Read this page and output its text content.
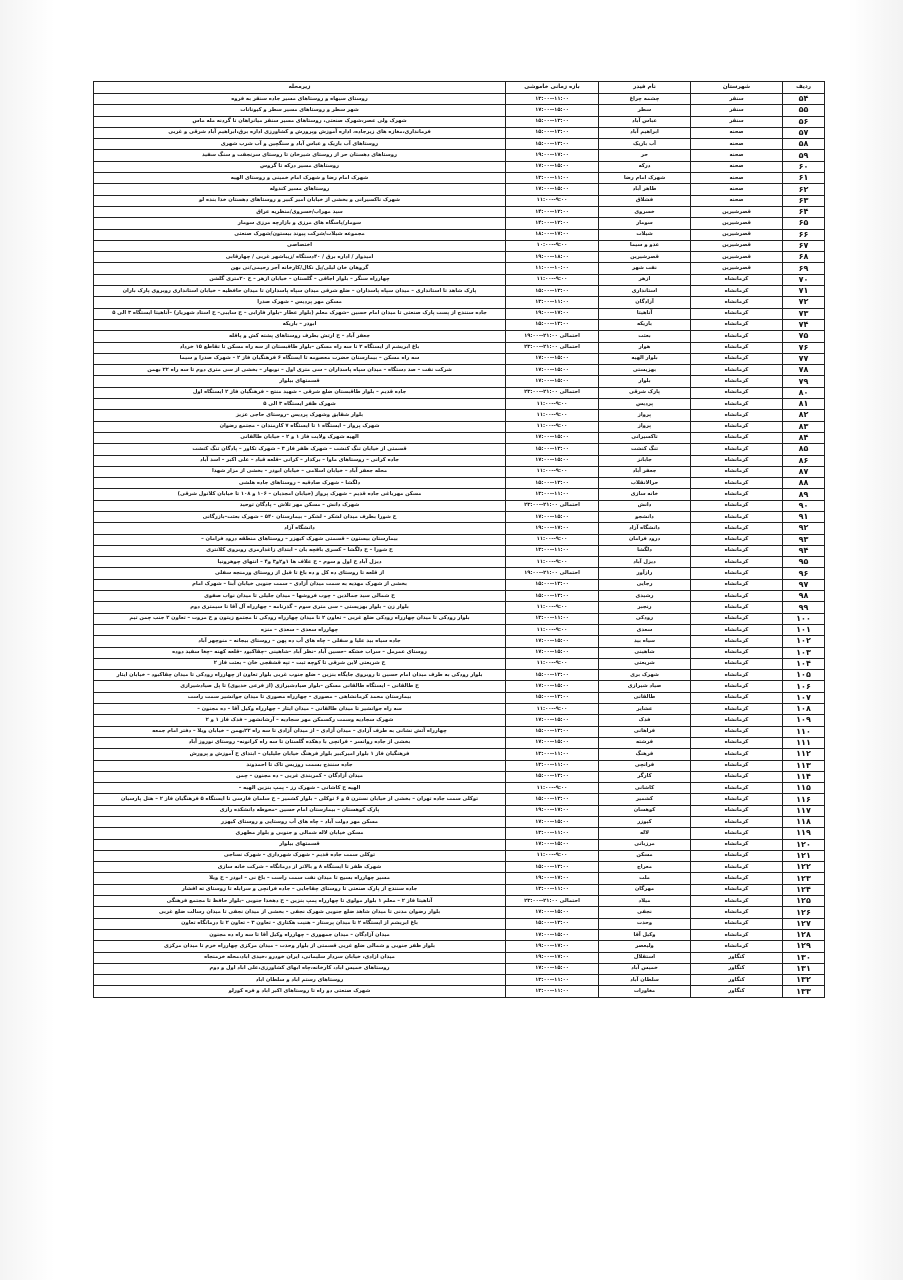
ردیف	شهرستان	نام فیدر	بازه زمانی خاموشی	زیرمحله
۵۴	سنقر	چشمه چراغ	۱۱:۰۰--۱۳:۰۰	روستای سیهاه و روستاهای مسیر جاده سنقر به فروه
۵۵	سنقر	سطر	۱۵:۰۰--۱۷:۰۰	شهر سطر و روستاهای مسیر سطر و کیونانات
۵۶	سنقر	عباس آباد	۱۳:۰۰--۱۵:۰۰	شهرک ولی عصر،شهرک صنعتی، روستاهای مسیر سنقر میانراهان تا گردنه مله ماس
۵۷	صحنه	ابراهیم آباد	۱۳:۰۰--۱۵:۰۰	فرمانداری،مغازه های زیرجاده، اداره آموزش وپرورش و کشاورزی اداره برق،ابراهیم آباد شرقی و غربی
۵۸	صحنه	آب باریک	۱۳:۰۰--۱۵:۰۰	روستاهای آب باریک و عباس آباد و سنگچین و آب شرب شهری
۵۹	صحنه	حر	۱۷:۰۰--۱۹:۰۰	روستاهای دهستان حر از روستای شیرخان تا روستای سرنجفت و سنگ سفید
۶۰	صحنه	درکه	۱۵:۰۰--۱۷:۰۰	روستاهای مسیر درکه تا گروس
۶۱	صحنه	شهرک امام رضا	۱۱:۰۰--۱۳:۰۰	شهرک امام رضا و شهرک امام خمینی و روستای الهیه
۶۲	صحنه	طاهر آباد	۱۵:۰۰--۱۷:۰۰	روستاهای مسیر کندوله
۶۳	صحنه	فشلاق	۹:۰۰--۱۱:۰۰	شهرک ناکسیرانی و بخشی از خیابان امیر کبیر و روستاهای دهستان خدا بنده لو
۶۴	قصرشیرین	خسروی	۱۲:۰۰--۱۴:۰۰	سید مهراب/خسروی/منظریه عراق
۶۵	قصرشیرین	سومار	۱۲:۰۰--۱۴:۰۰	سومار/پاسگاه های مرزی و بازارچه مرزی سومار
۶۶	قصرشیرین	شیلات	۱۷:۰۰--۱۸:۰۰	مجموعه شیلات/شرکت پیوند بیستون/شهرک صنعتی
۶۷	قصرشیرین	عدو و سیما	۹:۰۰--۱۰:۰۰	اختصاصی
۶۸	قصرشیرین	قصرشیرین	۱۸:۰۰--۱۹:۰۰	امیدوار / اداره برق / ۴۰دستگاه /زیباشهر غربی / چهارقابی
۶۹	قصرشیرین	نفت شهر	۱۰:۰۰--۱۱:۰۰	گروهان خان لیلی/پل نکال/کارخانه آجر رحیمی/نی بهن
۷۰	کرمانشاه	ازهر	۹:۰۰--۱۱:۰۰	چهارراه سنگر – بلوار اجاقی – گلستان – خیابان ازهر – خ ۲۰متری گلشن
۷۱	کرمانشاه	استانداری	۱۳:۰۰--۱۵:۰۰	پارک شاهد تا استانداری – میدان سپاه پاسداران – ضلع شرقی میدان سپاه پاسداران تا میدان حافظیه – خیابان استانداری روبروی پارک باران
۷۲	کرمانشاه	آزادگان	۱۱:۰۰--۱۳:۰۰	مسکن مهر پردیس – شهرک صدرا
۷۳	کرمانشاه	آناهیتا	۱۷:۰۰--۱۹:۰۰	جاده سنندج از پست پارک صنعتی تا میدان امام حسین –شهرک معلم (بلوار عطار –بلوار فارابی – خ سایبی– خ استاد شهریار) –آناهیتا ایستگاه ۳ الی ۵
۷۴	کرمانشاه	باریکه	۱۳:۰۰--۱۵:۰۰	ابوذر – باریکه
۷۵	کرمانشاه	بعثت	احتمالی ۲۱:۰۰--۱۹:۰۰	جعفر آباد – خ ارتش بطرف روستاهای پشته کش و پاقله
۷۶	کرمانشاه	هوار	احتمالی ۲۱:۰۰--۲۳:۰۰	باغ ابریشم از ایستگاه ۲ تا سه راه مسکن –بلوار طاقبستان از سه راه مسکن تا تقاطع ۱۵ خرداد
۷۷	کرمانشاه	بلوار الهیه	۱۵:۰۰--۱۷:۰۰	سه راه مسکن – بیمارستان حضرت معصومه تا ایستگاه ۶ فرهنگیان فاز ۲ – شهرک صدرا و سیما
۷۸	کرمانشاه	بهزیستی	۱۵:۰۰--۱۷:۰۰	شرکت نفت – صد دستگاه – میدان سپاه پاسداران – سی متری اول – نوبهار – بخشی از سی متری دوم تا سه راه ۲۲ بهمن
۷۹	کرمانشاه	بلوار	۱۵:۰۰--۱۷:۰۰	قسمتهای بیلوار
۸۰	کرمانشاه	پارک شرقی	احتمالی ۲۱:۰۰--۲۳:۰۰	جاده قدیم – بلوار طاقبستان ضلع شرقی – شهید منتج – فرهنگیان فاز ۲ ایستگاه اول
۸۱	کرمانشاه	پردیس	۹:۰۰--۱۱:۰۰	شهرک ظفر ایستگاه ۳ الی ۵
۸۲	کرمانشاه	پرواز	۹:۰۰--۱۱:۰۰	بلوار شقایق وشهرک پردیس –روستای حاجی عزیز
۸۳	کرمانشاه	پرواز	۹:۰۰--۱۱:۰۰	شهرک پرواز – ایستگاه ۱ تا ایستگاه ۷ کارمندان – مجتمع رضوان
۸۴	کرمانشاه	تاکسیرانی	۱۵:۰۰--۱۷:۰۰	الهیه شهرک ولایت فاز ۱ و ۲ – خیابان طالقانی
۸۵	کرمانشاه	تنگ کنشت	۱۳:۰۰--۱۵:۰۰	قسمتی از خیابان تنگ کنشت – شهرک ظفر فاز ۳ – شهرک تکاور – پادگان تنگ کنشت
۸۶	کرمانشاه	جابانز	۱۵:۰۰--۱۷:۰۰	جاده کرانی – روستاهای ماوا – برکدار – کرانی –قلعه قباد – علی اکبر – اسد آباد
۸۷	کرمانشاه	جعفر آباد	۹:۰۰--۱۱:۰۰	محله جعفر آباد – خیابان اسلامی – خیابان ابوذر – بخشی از مزار شهدا
۸۸	کرمانشاه	حرالانقلاب	۱۳:۰۰--۱۵:۰۰	دلگشا – شهرک صادقیه – روستاهای جاده هلشی
۸۹	کرمانشاه	خانه سازی	۱۱:۰۰--۱۳:۰۰	مسکن مهرباغی جاده قدیم – شهرک پرواز (خیابان امجدیان – ۱۰۶ و ۱۰۸ تا خیابان کلانول شرقی)
۹۰	کرمانشاه	دانش	احتمالی ۲۱:۰۰--۲۳:۰۰	شهرک دانش – مسکن مهر تلاش – پادگان توحید
۹۱	کرمانشاه	دانشجو	۱۵:۰۰--۱۷:۰۰	خ شورا بطرف میدان لشکر – لشکر – بیمارستان ۵۴۰ – شهرک بعثت–بازرگانی
۹۲	کرمانشاه	دانشگاه آزاد	۱۷:۰۰--۱۹:۰۰	دانشگاه آزاد
۹۳	کرمانشاه	درود فرامان	۹:۰۰--۱۱:۰۰	بیمارستان بیستون – قسمتی شهرک کیهزر – روستاهای منطقه درود فرامان –
۹۴	کرمانشاه	دلگشا	۱۱:۰۰--۱۳:۰۰	خ شورا – خ دلگشا – کسری بافچه بان – ابتدای زاغدارمری روبروی کلانتری
۹۵	کرمانشاه	دیزل آباد	۹:۰۰--۱۱:۰۰	دیزل آباد خ اول و سوم – خ علاف ها ۱و۲و۳ و۴ – انتهای چوهرونیا
۹۶	کرمانشاه	رازآور	احتمالی ۲۱:۰۰--۱۹:۰۰	از قلعه تا روستای ده کل و ده باغ تا قبل از روستای ورمنجه سفلی
۹۷	کرمانشاه	رجایی	۱۳:۰۰--۱۵:۰۰	بخشی از شهرک مهدیه به سمت میدان آزادی – سمت جنوبی خیابان آبنا – شهرک امام
۹۸	کرمانشاه	رشیدی	۱۳:۰۰--۱۵:۰۰	خ شمالی سید جمالدین – چوب فروشها – میدان جلیلی تا میدان نواب صفوی
۹۹	کرمانشاه	رنجبر	۹:۰۰--۱۱:۰۰	بلوار زن – بلوار بهزیستی – سی متری سوم – گذرنامه – چهارراه آل آقا تا سیمتری دوم
۱۰۰	کرمانشاه	رودکی	۱۱:۰۰--۱۳:۰۰	بلوار رودکی تا میدان چهارراه رودکی ضلع غربی – تعاون ۲ تا میدان چهارراه رودکی تا مجتمع زیتون و خ مروت – تعاون ۲ جنب چمن تیم
۱۰۱	کرمانشاه	سعدی	۹:۰۰--۱۱:۰۰	چهارراه سعدی – سعدی – منزه
۱۰۲	کرمانشاه	سیاه بید	۱۵:۰۰--۱۷:۰۰	جاده سیاه بید علیا و سفلی – چاه های آب ده پهن – روستای بیجانه – منوچهر آباد
۱۰۳	کرمانشاه	شاهینی	۱۵:۰۰--۱۷:۰۰	روستای عمرمل – سراب خشکه –حسین آباد –نظر آباد –شاهینی –چقاکبود –قلعه کهنه –چغا سفید دوده
۱۰۴	کرمانشاه	شریعتی	۹:۰۰--۱۱:۰۰	خ شریعتی لاین شرقی تا کوچه ثبت – تپه قشقجی خان – بعثت فاز ۲
۱۰۵	کرمانشاه	شهرک بری	۱۳:۰۰--۱۵:۰۰	بلوار رودکی به طرف میدان امام حسین تا روبروی جایگاه بنزین – ضلع جنوب غربی بلوار تعاون از چهارراه رودکی تا میدان چقاکبود – خیابان ایثار
۱۰۶	کرمانشاه	صیاد شیرازی	۱۵:۰۰--۱۷:۰۰	خ طالقانی – ایستگاه طالقانی مسکن –بلوار صیادشیرازی (از فرعی خدیوی) تا پل صیادشیرازی
۱۰۷	کرمانشاه	طالقانی	۱۳:۰۰--۱۵:۰۰	بیمارستان محمد کرمانشاهی – مصوری – چهارراه مصوری تا میدان جوانشیر سمت راست
۱۰۸	کرمانشاه	عشایر	۹:۰۰--۱۱:۰۰	سه راه جوانشیر تا میدان طالقانی – میدان ایثار – چهارراه وکیل آقا – ده مجنون –
۱۰۹	کرمانشاه	فدک	۱۵:۰۰--۱۷:۰۰	شهرک سجادیه وسمت رکسمکن مهر سجادیه – آرشانشهر – فدک فاز ۱ و ۲
۱۱۰	کرمانشاه	فراهانی	۱۳:۰۰--۱۵:۰۰	چهارراه آتش نشانی به طرف آزادی – میدان آزادی – از میدان آزادی تا سه راه ۲۲بهمن – خیابان ویلا – دفتر امام جمعه
۱۱۱	کرمانشاه	فرشته	۱۵:۰۰--۱۷:۰۰	بخشی از جاده روانسر – فرانچی با دهکده گلستان تا سه راه کرانونه– روستای نوروز آباد
۱۱۲	کرمانشاه	فرهنگ	۱۱:۰۰--۱۳:۰۰	فرهنگیان فاز ۱ بلوار امیرکبیر بلوار فرهنگ خیابان جلیلیان – ابتدای خ آموزش و پرورش
۱۱۳	کرمانشاه	فرانچی	۱۱:۰۰--۱۳:۰۰	جاده سنندج بسمت روزیس تاک تا احمدوند
۱۱۴	کرمانشاه	کارگر	۱۳:۰۰--۱۵:۰۰	میدان آزادگان – کمربندی غربی – ده مجنون – چمن
۱۱۵	کرمانشاه	کاشانی	۹:۰۰--۱۱:۰۰	الهیه خ کاشانی – شهرک رز – پمپ بنزین الهیه –
۱۱۶	کرمانشاه	کشمیر	۱۳:۰۰--۱۵:۰۰	توکلی سمت جاده تهران – بخشی از خیابان نسترن ۵ و ۶ توکلی – بلوار کشمیر – خ سلمان فارسی تا ایستگاه ۵ فرهنگیان فاز ۲ – هتل پارسیان
۱۱۷	کرمانشاه	کوهسان	۱۷:۰۰--۱۹:۰۰	پارک کوهستان – بیمارستان امام حسین –محوطه دانشکده رازی
۱۱۸	کرمانشاه	کیوزر	۱۵:۰۰--۱۷:۰۰	مسکن مهر دولت آباد – چاه های آب روستایی و روستای کیهزر
۱۱۹	کرمانشاه	لاله	۱۱:۰۰--۱۳:۰۰	مسکن خیابان لاله شمالی و جنوبی و بلوار مطهری
۱۲۰	کرمانشاه	مرزبانی	۱۵:۰۰--۱۷:۰۰	قسمتهای بیلوار
۱۲۱	کرمانشاه	مسکن	۹:۰۰--۱۱:۰۰	توکلی سمت جاده قدیم – شهرک شهرداری – شهرک نساجی
۱۲۲	کرمانشاه	معراج	۱۳:۰۰--۱۵:۰۰	شهرک ظفر تا ایستگاه ۸ و بالاتر از درمانگاه – شرکت خانه سازی
۱۲۳	کرمانشاه	ملت	۱۷:۰۰--۱۹:۰۰	مسیر چهارراه بسیج تا میدان نفت سمت راست – باغ نی – ابوذر – خ ویلا
۱۲۴	کرمانشاه	مهرگان	۱۱:۰۰--۱۳:۰۰	جاده سنندج از پارک صنعتی تا روستای چقاجایی – جاده فرانچی و سرابله تا روستای ته افشار
۱۲۵	کرمانشاه	میلاد	احتمالی ۲۱:۰۰--۲۳:۰۰	آناهیتا فاز ۲ – معلم ۱ بلوار مولوی تا چهارراه پمپ بنزین – خ دهخدا جنوبی –بلوار حافظ تا مجتمع فرهنگی
۱۲۶	کرمانشاه	نجفی	۱۵:۰۰--۱۷:۰۰	بلوار رضوان مدنی تا میدان شاهد ضلع جنوبی شهرک نجفی – بخشی از میدان نجفی تا میدان رسالت ضلع غربی
۱۲۷	کرمانشاه	وحدت	۱۳:۰۰--۱۵:۰۰	باغ ابریشم از ایستگاه ۲ تا میدان پرستار – هنیت هکتاری – تعاون ۳ – تعاون ۲ تا درمانگاه تعاون
۱۲۸	کرمانشاه	وکیل آقا	۱۵:۰۰--۱۷:۰۰	میدان آزادگان – میدان جمهوری – چهارراه وکیل آقا تا سه راه ده مجنون
۱۲۹	کرمانشاه	ولیعصر	۱۷:۰۰--۱۹:۰۰	بلوار ظفر جنوبی و شمالی ضلع غربی قسمتی از بلوار وحدت – میدان مرکزی چهارراه خرم تا میدان مرکزی
۱۳۰	کنگاور	استقلال	۱۷:۰۰--۱۹:۰۰	میدان ازادی، خیابان سردار سلیمانی، ایران خودرو ،خیدی اباد،محله خرمنجاه
۱۳۱	کنگاور	خمیس آباد	۱۵:۰۰--۱۷:۰۰	روستاهای خمیس اباد، کارخانه،چاه ابهای کشاورزی،علی اباد اول و دوم
۱۳۲	کنگاور	سلطان آباد	۱۱:۰۰--۱۳:۰۰	روستاهای رستم اباد و سلطان اباد
۱۳۳	کنگاور	مغاورات	۱۱:۰۰--۱۳:۰۰	شهرک صنعتی دو راه تا روستاهای اکبر اباد و فره کورلو
